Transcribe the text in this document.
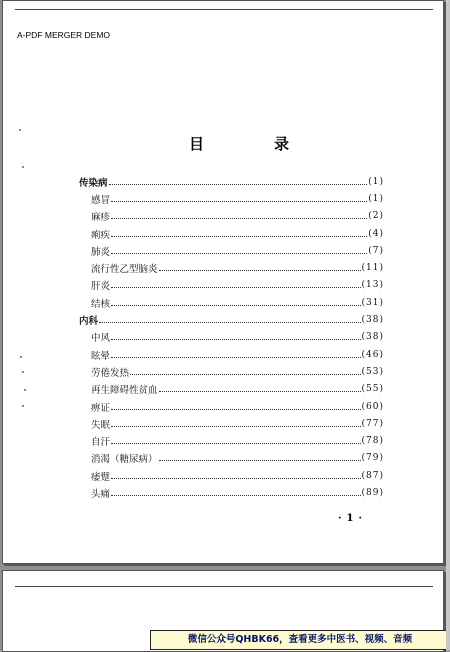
A-PDF MERGER DEMO
目	录
传染病	(1)
感冒	(1)
麻疹	(2)
痢疾	(4)
肺炎	(7)
流行性乙型脑炎	(11)
肝炎	(13)
结核	(31)
内科	(38)
中风	(38)
眩晕	(46)
劳倦发热	(53)
再生障碍性贫血	(55)
痹证	(60)
失眠	(77)
自汗	(78)
消渴（糖尿病）	(79)
痿躄	(87)
头痛	(89)
·1·
微信公众号QHBK66，查看更多中医书、视频、音频
